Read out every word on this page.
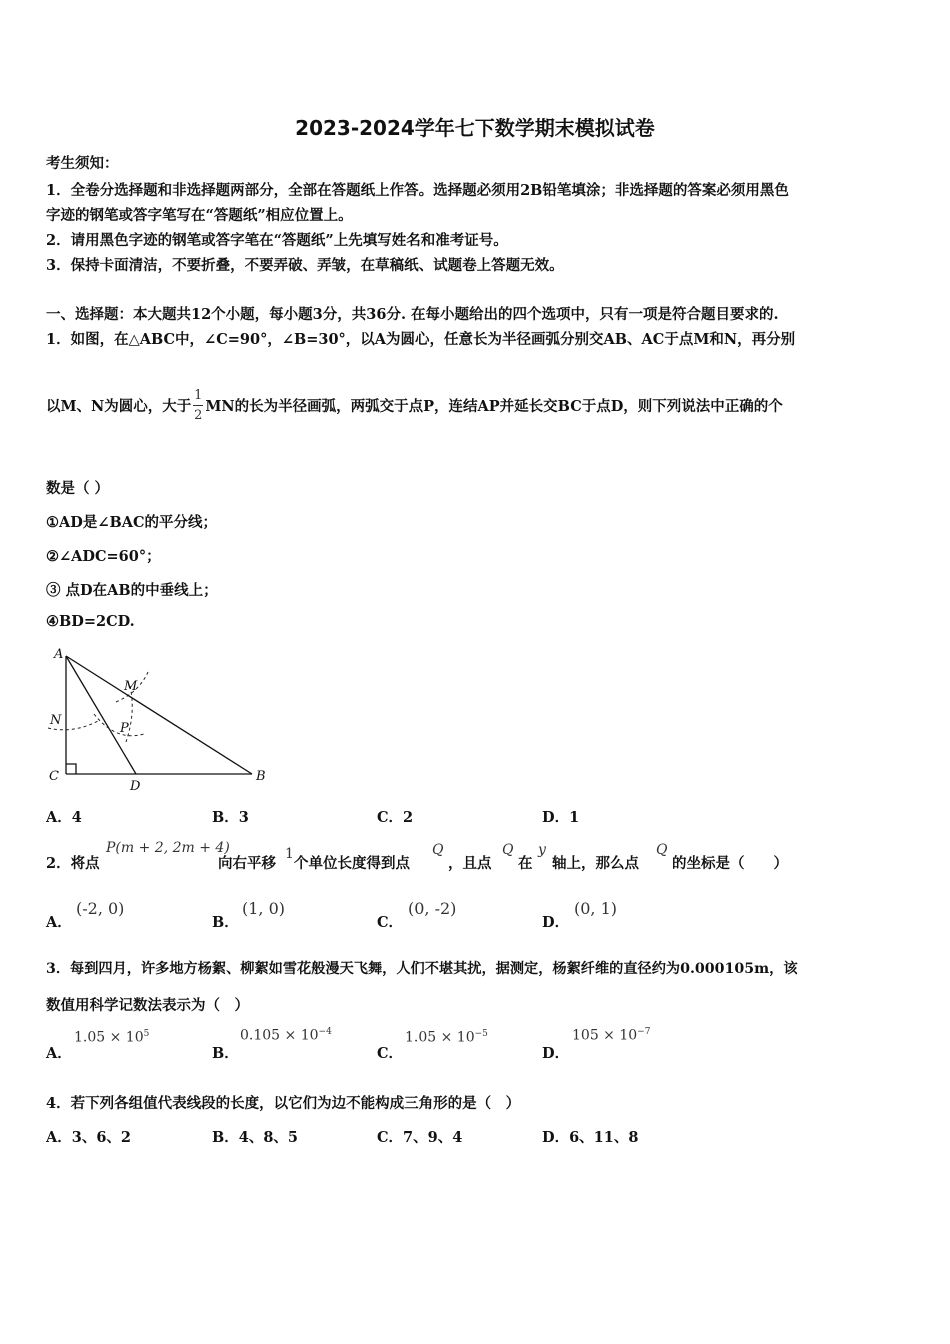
2023-2024学年七下数学期末模拟试卷
考生须知：
1．全卷分选择题和非选择题两部分，全部在答题纸上作答。选择题必须用2B铅笔填涂；非选择题的答案必须用黑色
字迹的钢笔或答字笔写在“答题纸”相应位置上。
2．请用黑色字迹的钢笔或答字笔在“答题纸”上先填写姓名和准考证号。
3．保持卡面清洁，不要折叠，不要弄破、弄皱，在草稿纸、试题卷上答题无效。
一、选择题：本大题共12个小题，每小题3分，共36分. 在每小题给出的四个选项中，只有一项是符合题目要求的.
1．如图，在△ABC中，∠C=90°，∠B=30°，以A为圆心，任意长为半径画弧分别交AB、AC于点M和N，再分别
以M、N为圆心，大于 $\frac{1}{2}$ MN的长为半径画弧，两弧交于点P，连结AP并延长交BC于点D，则下列说法中正确的个
数是（ ）
①AD是∠BAC的平分线；
②∠ADC=60°；
③ 点D在AB的中垂线上；
④BD=2CD.
A
B
C
D
M
N
P
A．4	B．3	C．2	D．1
2．将点
P(m + 2, 2m + 4)
向右平移
1
个单位长度得到点
Q
，且点
Q
在
y
轴上，那么点
Q
的坐标是（　　）
A．
(-2, 0)
B．
(1, 0)
C．
(0, -2)
D．
(0, 1)
3．每到四月，许多地方杨絮、柳絮如雪花般漫天飞舞，人们不堪其扰，据测定，杨絮纤维的直径约为0.000105m，该
数值用科学记数法表示为（　）
A．
$1.05 \times 10^5$
B．
$0.105 \times 10^{-4}$
C．
$1.05 \times 10^{-5}$
D．
$105 \times 10^{-7}$
4．若下列各组值代表线段的长度，以它们为边不能构成三角形的是（　）
A．3、6、2	B．4、8、5	C．7、9、4	D．6、11、8
